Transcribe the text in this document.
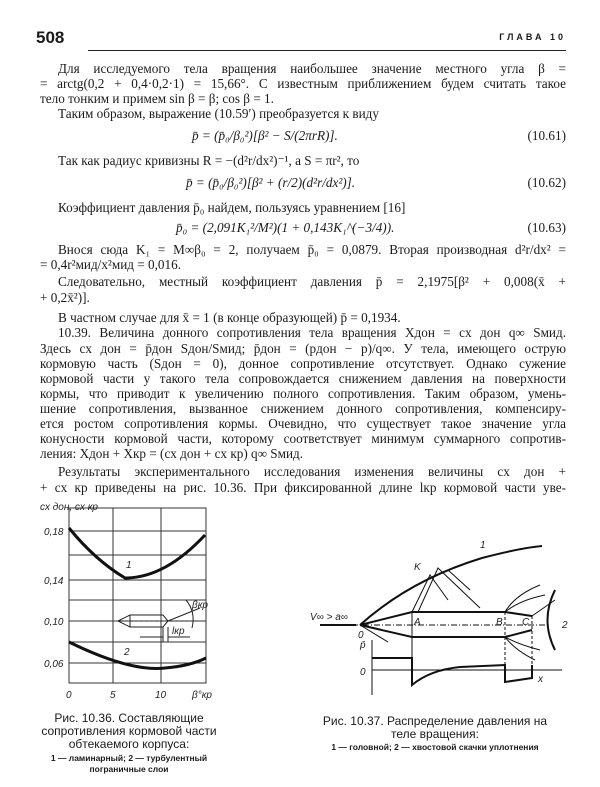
508	ГЛАВА 10
Для исследуемого тела вращения наибольшее значение местного угла β =
= arctg(0,2 + 0,4·0,2·1) = 15,66°. С известным приближением будем считать такое
тело тонким и примем sin β = β; cos β = 1.
Таким образом, выражение (10.59′) преобразуется к виду
p̄ = (p̄₀/β₀²)[β² − S/(2πrR)].	(10.61)
Так как радиус кривизны R = −(d²r/dx²)⁻¹, а S = πr², то
p̄ = (p̄₀/β₀²)[β² + (r/2)(d²r/dx²)].	(10.62)
Коэффициент давления p̄₀ найдем, пользуясь уравнением [16]
p̄₀ = (2,091K₁²/M²)(1 + 0,143K₁^(−3/4)).	(10.63)
Внося сюда K₁ = M∞β₀ = 2, получаем p̄₀ = 0,0879. Вторая производная d²r/dx² =
= 0,4r²мид/x²мид = 0,016.
Следовательно, местный коэффициент давления p̄ = 2,1975[β² + 0,008(x̄ +
+ 0,2x̄²)].
В частном случае для x̄ = 1 (в конце образующей) p̄ = 0,1934.
10.39. Величина донного сопротивления тела вращения Xдон = cx дон q∞ Sмид.
Здесь cx дон = p̄дон Sдон/Sмид; p̄дон = (pдон − p)/q∞. У тела, имеющего острую
кормовую часть (Sдон = 0), донное сопротивление отсутствует. Однако сужение
кормовой части у такого тела сопровождается снижением давления на поверхности
кормы, что приводит к увеличению полного сопротивления. Таким образом, умень-
шение сопротивления, вызванное снижением донного сопротивления, компенсиру-
ется ростом сопротивления кормы. Очевидно, что существует такое значение угла
конусности кормовой части, которому соответствует минимум суммарного сопротив-
ления: Xдон + Xкр = (cx дон + cx кр) q∞ Sмид.
Результаты экспериментального исследования изменения величины cx дон +
+ cx кр приведены на рис. 10.36. При фиксированной длине lкр кормовой части уве-
1
2
βкр
lкр
cx дон, cx кр
0,18
0,14
0,10
0,06
0	5	10	β°кр
Рис. 10.36. Составляющие сопротивления кормовой части обтекаемого корпуса:
1 — ламинарный; 2 — турбулентный пограничные слои
V∞ > a∞
K
A	B C
0
p̄
0
x
1
2
Рис. 10.37. Распределение давления на теле вращения:
1 — головной; 2 — хвостовой скачки уплотнения
